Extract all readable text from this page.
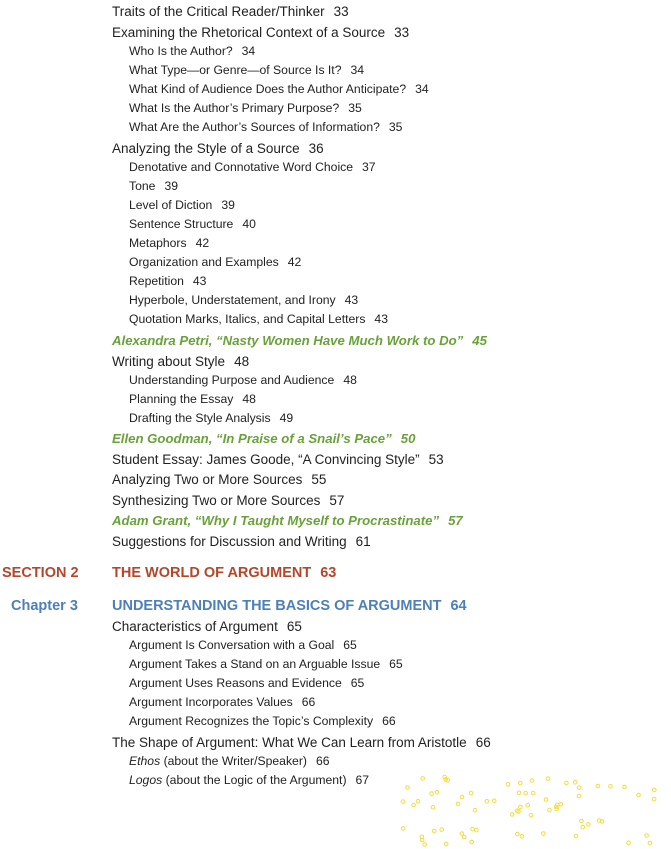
Traits of the Critical Reader/Thinker 33
Examining the Rhetorical Context of a Source 33
Who Is the Author? 34
What Type—or Genre—of Source Is It? 34
What Kind of Audience Does the Author Anticipate? 34
What Is the Author’s Primary Purpose? 35
What Are the Author’s Sources of Information? 35
Analyzing the Style of a Source 36
Denotative and Connotative Word Choice 37
Tone 39
Level of Diction 39
Sentence Structure 40
Metaphors 42
Organization and Examples 42
Repetition 43
Hyperbole, Understatement, and Irony 43
Quotation Marks, Italics, and Capital Letters 43
Alexandra Petri, “Nasty Women Have Much Work to Do” 45
Writing about Style 48
Understanding Purpose and Audience 48
Planning the Essay 48
Drafting the Style Analysis 49
Ellen Goodman, “In Praise of a Snail’s Pace” 50
Student Essay: James Goode, “A Convincing Style” 53
Analyzing Two or More Sources 55
Synthesizing Two or More Sources 57
Adam Grant, “Why I Taught Myself to Procrastinate” 57
Suggestions for Discussion and Writing 61
SECTION 2 THE WORLD OF ARGUMENT 63
Chapter 3 UNDERSTANDING THE BASICS OF ARGUMENT 64
Characteristics of Argument 65
Argument Is Conversation with a Goal 65
Argument Takes a Stand on an Arguable Issue 65
Argument Uses Reasons and Evidence 65
Argument Incorporates Values 66
Argument Recognizes the Topic’s Complexity 66
The Shape of Argument: What We Can Learn from Aristotle 66
Ethos (about the Writer/Speaker) 66
Logos (about the Logic of the Argument) 67
